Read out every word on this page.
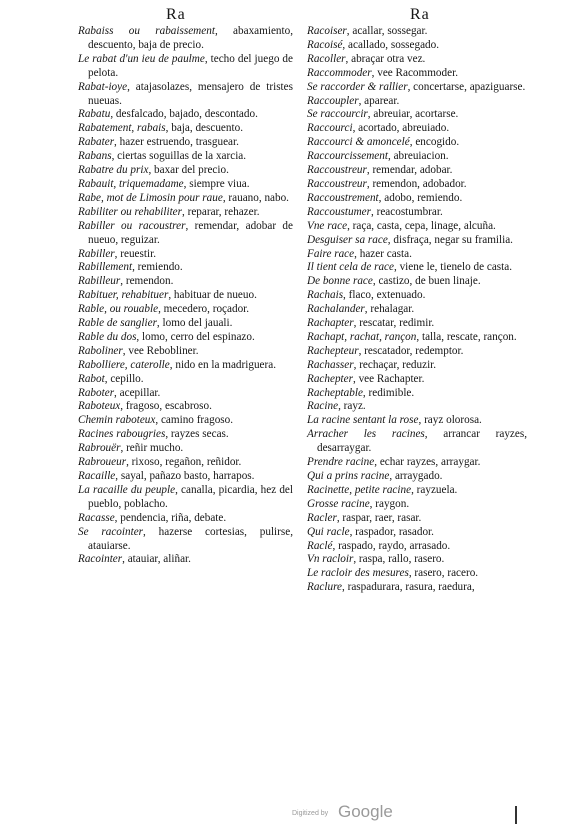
Ra	Ra
Rabaiss ou rabaissement, abaxamiento, descuento, baja de precio.
Le rabat d'un ieu de paulme, techo del juego de pelota.
Rabat-ioye, atajasolazes, mensajero de tristes nueuas.
Rabatu, desfalcado, bajado, descontado.
Rabatement, rabais, baja, descuento.
Rabater, hazer estruendo, trasguear.
Rabans, ciertas soguillas de la xarcia.
Rabatre du prix, baxar del precio.
Rabauit, triquemadame, siempre viua.
Rabe, mot de Limosin pour raue, rauano, nabo.
Rabiliter ou rehabiliter, reparar, rehazer.
Rabiller ou racoustrer, remendar, adobar de nueuo, reguizar.
Rabiller, reuestir.
Rabillement, remiendo.
Rabilleur, remendon.
Rabituer, rehabituer, habituar de nueuo.
Rable, ou rouable, mecedero, roçador.
Rable de sanglier, lomo del jauali.
Rable du dos, lomo, cerro del espinazo.
Raboliner, vee Rebobliner.
Rabolliere, caterolle, nido en la madriguera.
Rabot, cepillo.
Raboter, acepillar.
Raboteux, fragoso, escabroso.
Chemin raboteux, camino fragoso.
Racines rabougries, rayzes secas.
Rabrouër, reñir mucho.
Rabroueur, rixoso, regañon, reñidor.
Racaille, sayal, pañazo basto, harrapos.
La racaille du peuple, canalla, picardia, hez del pueblo, poblacho.
Racasse, pendencia, riña, debate.
Se racointer, hazerse cortesias, pulirse, atauiarse.
Racointer, atauiar, aliñar.
Racoiser, acallar, sossegar.
Racoisé, acallado, sossegado.
Racoller, abraçar otra vez.
Raccommoder, vee Racommoder.
Se raccorder & rallier, concertarse, apaziguarse.
Raccoupler, aparear.
Se raccourcir, abreuiar, acortarse.
Raccourci, acortado, abreuiado.
Raccourci & amoncelé, encogido.
Raccourcissement, abreuiacion.
Raccoustreur, remendar, adobar.
Raccoustreur, remendon, adobador.
Raccoustrement, adobo, remiendo.
Raccoustumer, reacostumbrar.
Vne race, raça, casta, cepa, linage, alcuña.
Desguiser sa race, disfraça, negar su framilia.
Faire race, hazer casta.
Il tient cela de race, viene le, tienelo de casta.
De bonne race, castizo, de buen linaje.
Rachais, flaco, extenuado.
Rachalander, rehalagar.
Rachapter, rescatar, redimir.
Rachapt, rachat, rançon, talla, rescate, rançon.
Rachepteur, rescatador, redemptor.
Rachasser, rechaçar, reduzir.
Rachepter, vee Rachapter.
Racheptable, redimible.
Racine, rayz.
La racine sentant la rose, rayz olorosa.
Arracher les racines, arrancar rayzes, desarraygar.
Prendre racine, echar rayzes, arraygar.
Qui a prins racine, arraygado.
Racinette, petite racine, rayzuela.
Grosse racine, raygon.
Racler, raspar, raer, rasar.
Qui racle, raspador, rasador.
Raclé, raspado, raydo, arrasado.
Vn racloir, raspa, rallo, rasero.
Le racloir des mesures, rasero, racero.
Raclure, raspadurara, rasura, raedura,
Digitized by Google
